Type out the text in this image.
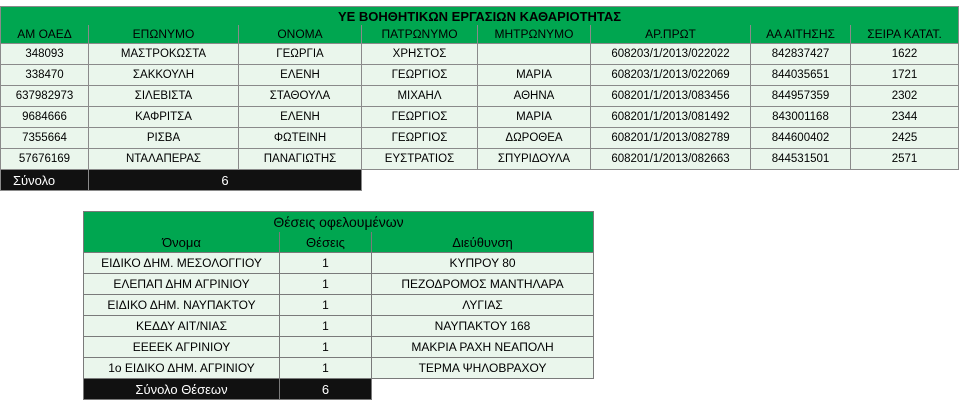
ΥΕ ΒΟΗΘΗΤΙΚΩΝ ΕΡΓΑΣΙΩΝ ΚΑΘΑΡΙΟΤΗΤΑΣ							
ΑΜ ΟΑΕΔ	ΕΠΩΝΥΜΟ	ΟΝΟΜΑ	ΠΑΤΡΩΝΥΜΟ	ΜΗΤΡΩΝΥΜΟ	ΑΡ.ΠΡΩΤ	ΑΑ ΑΙΤΗΣΗΣ	ΣΕΙΡΑ ΚΑΤΑΤ.
348093	ΜΑΣΤΡΟΚΩΣΤΑ	ΓΕΩΡΓΙΑ	ΧΡΗΣΤΟΣ		608203/1/2013/022022	842837427	1622
338470	ΣΑΚΚΟΥΛΗ	ΕΛΕΝΗ	ΓΕΩΡΓΙΟΣ	ΜΑΡΙΑ	608203/1/2013/022069	844035651	1721
637982973	ΣΙΛΕΒΙΣΤΑ	ΣΤΑΘΟΥΛΑ	ΜΙΧΑΗΛ	ΑΘΗΝΑ	608201/1/2013/083456	844957359	2302
9684666	ΚΑΦΡΙΤΣΑ	ΕΛΕΝΗ	ΓΕΩΡΓΙΟΣ	ΜΑΡΙΑ	608201/1/2013/081492	843001168	2344
7355664	ΡΙΣΒΑ	ΦΩΤΕΙΝΗ	ΓΕΩΡΓΙΟΣ	ΔΩΡΟΘΕΑ	608201/1/2013/082789	844600402	2425
57676169	ΝΤΑΛΑΠΕΡΑΣ	ΠΑΝΑΓΙΩΤΗΣ	ΕΥΣΤΡΑΤΙΟΣ	ΣΠΥΡΙΔΟΥΛΑ	608201/1/2013/082663	844531501	2571
Σύνολο	6						
Θέσεις οφελουμένων		
Όνομα	Θέσεις	Διεύθυνση
ΕΙΔΙΚΟ ΔΗΜ. ΜΕΣΟΛΟΓΓΙΟΥ	1	ΚΥΠΡΟΥ 80
ΕΛΕΠΑΠ ΔΗΜ ΑΓΡΙΝΙΟΥ	1	ΠΕΖΟΔΡΟΜΟΣ ΜΑΝΤΗΛΑΡΑ
ΕΙΔΙΚΟ ΔΗΜ. ΝΑΥΠΑΚΤΟΥ	1	ΛΥΓΙΑΣ
ΚΕΔΔΥ ΑΙΤ/ΝΙΑΣ	1	ΝΑΥΠΑΚΤΟΥ 168
ΕΕΕΕΚ ΑΓΡΙΝΙΟΥ	1	ΜΑΚΡΙΑ ΡΑΧΗ ΝΕΑΠΟΛΗ
1ο ΕΙΔΙΚΟ ΔΗΜ. ΑΓΡΙΝΙΟΥ	1	ΤΕΡΜΑ ΨΗΛΟΒΡΑΧΟΥ
Σύνολο Θέσεων	6	
